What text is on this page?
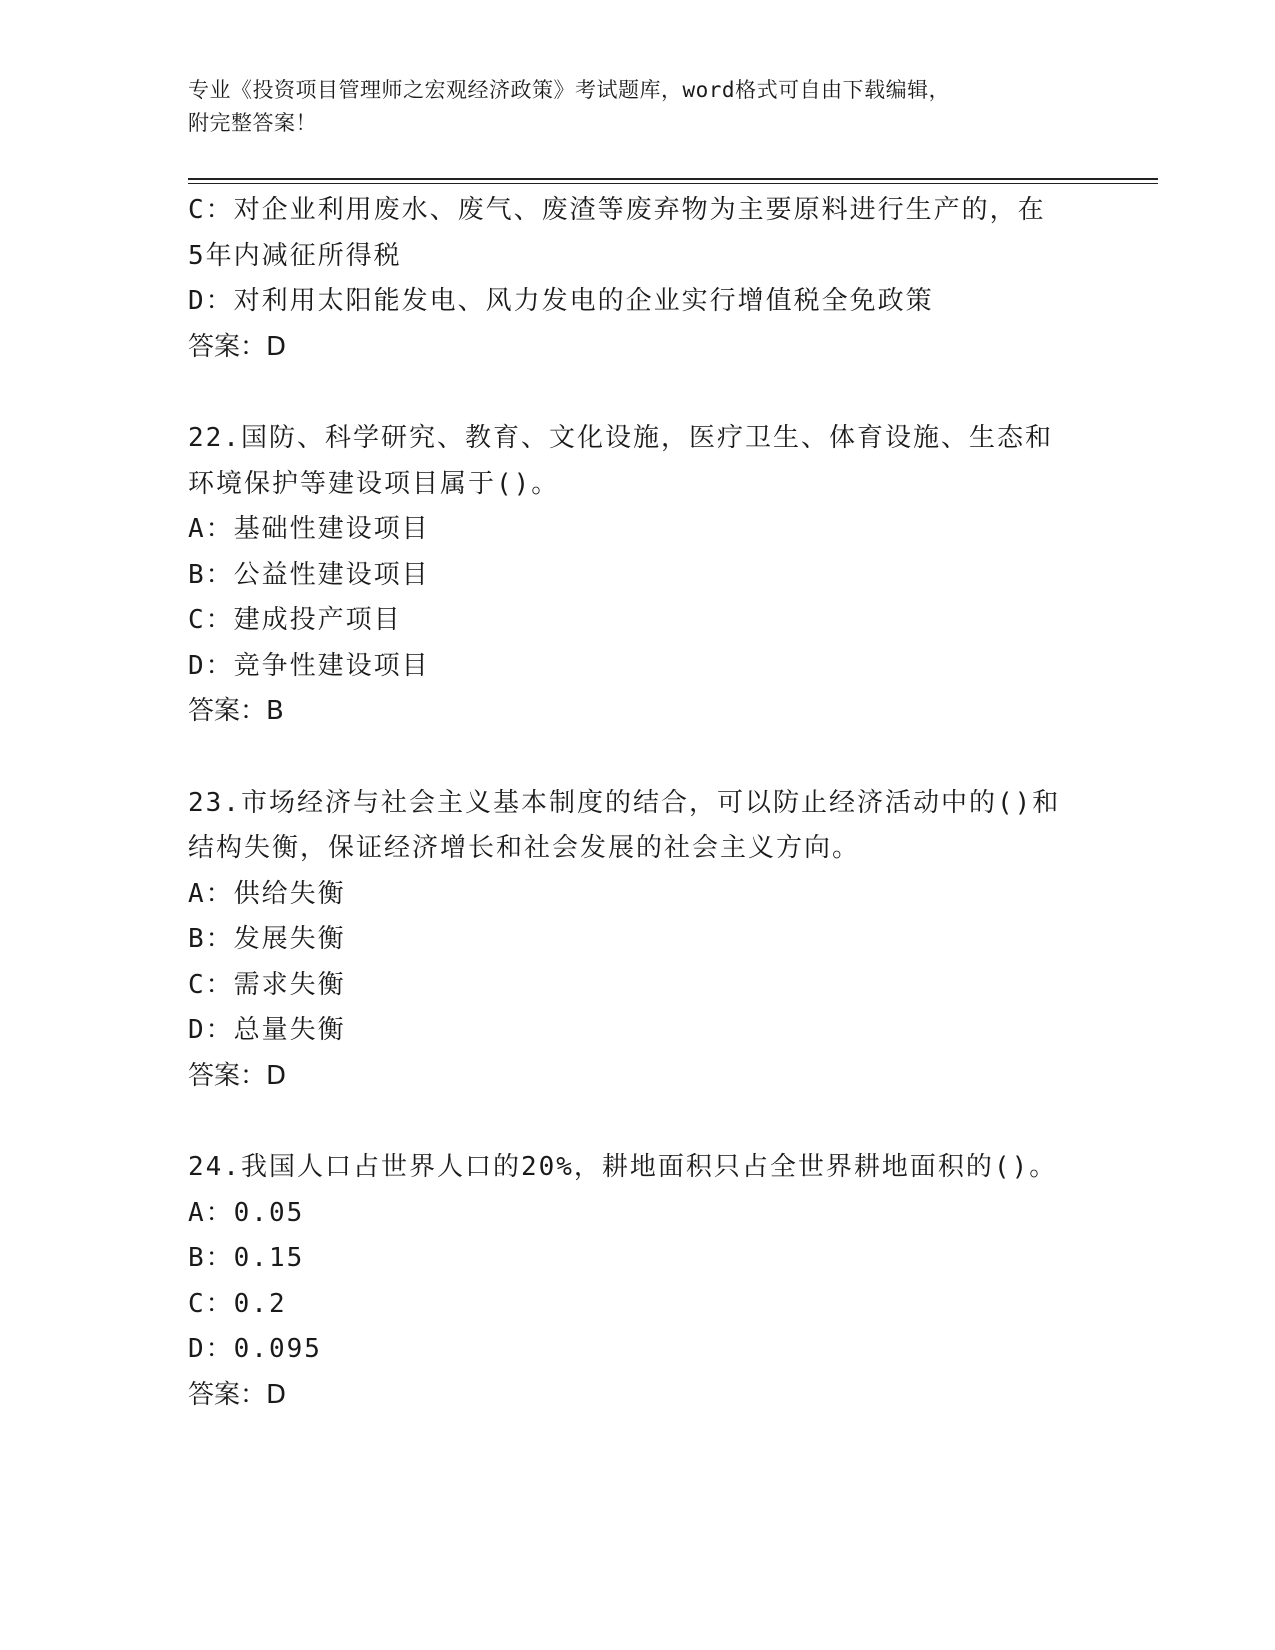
专业《投资项目管理师之宏观经济政策》考试题库，word格式可自由下载编辑，
附完整答案！
C：对企业利用废水、废气、废渣等废弃物为主要原料进行生产的，在
5年内减征所得税
D：对利用太阳能发电、风力发电的企业实行增值税全免政策
答案：D
22.国防、科学研究、教育、文化设施，医疗卫生、体育设施、生态和
环境保护等建设项目属于()。
A：基础性建设项目
B：公益性建设项目
C：建成投产项目
D：竞争性建设项目
答案：B
23.市场经济与社会主义基本制度的结合，可以防止经济活动中的()和
结构失衡，保证经济增长和社会发展的社会主义方向。
A：供给失衡
B：发展失衡
C：需求失衡
D：总量失衡
答案：D
24.我国人口占世界人口的20%，耕地面积只占全世界耕地面积的()。
A：0.05
B：0.15
C：0.2
D：0.095
答案：D
